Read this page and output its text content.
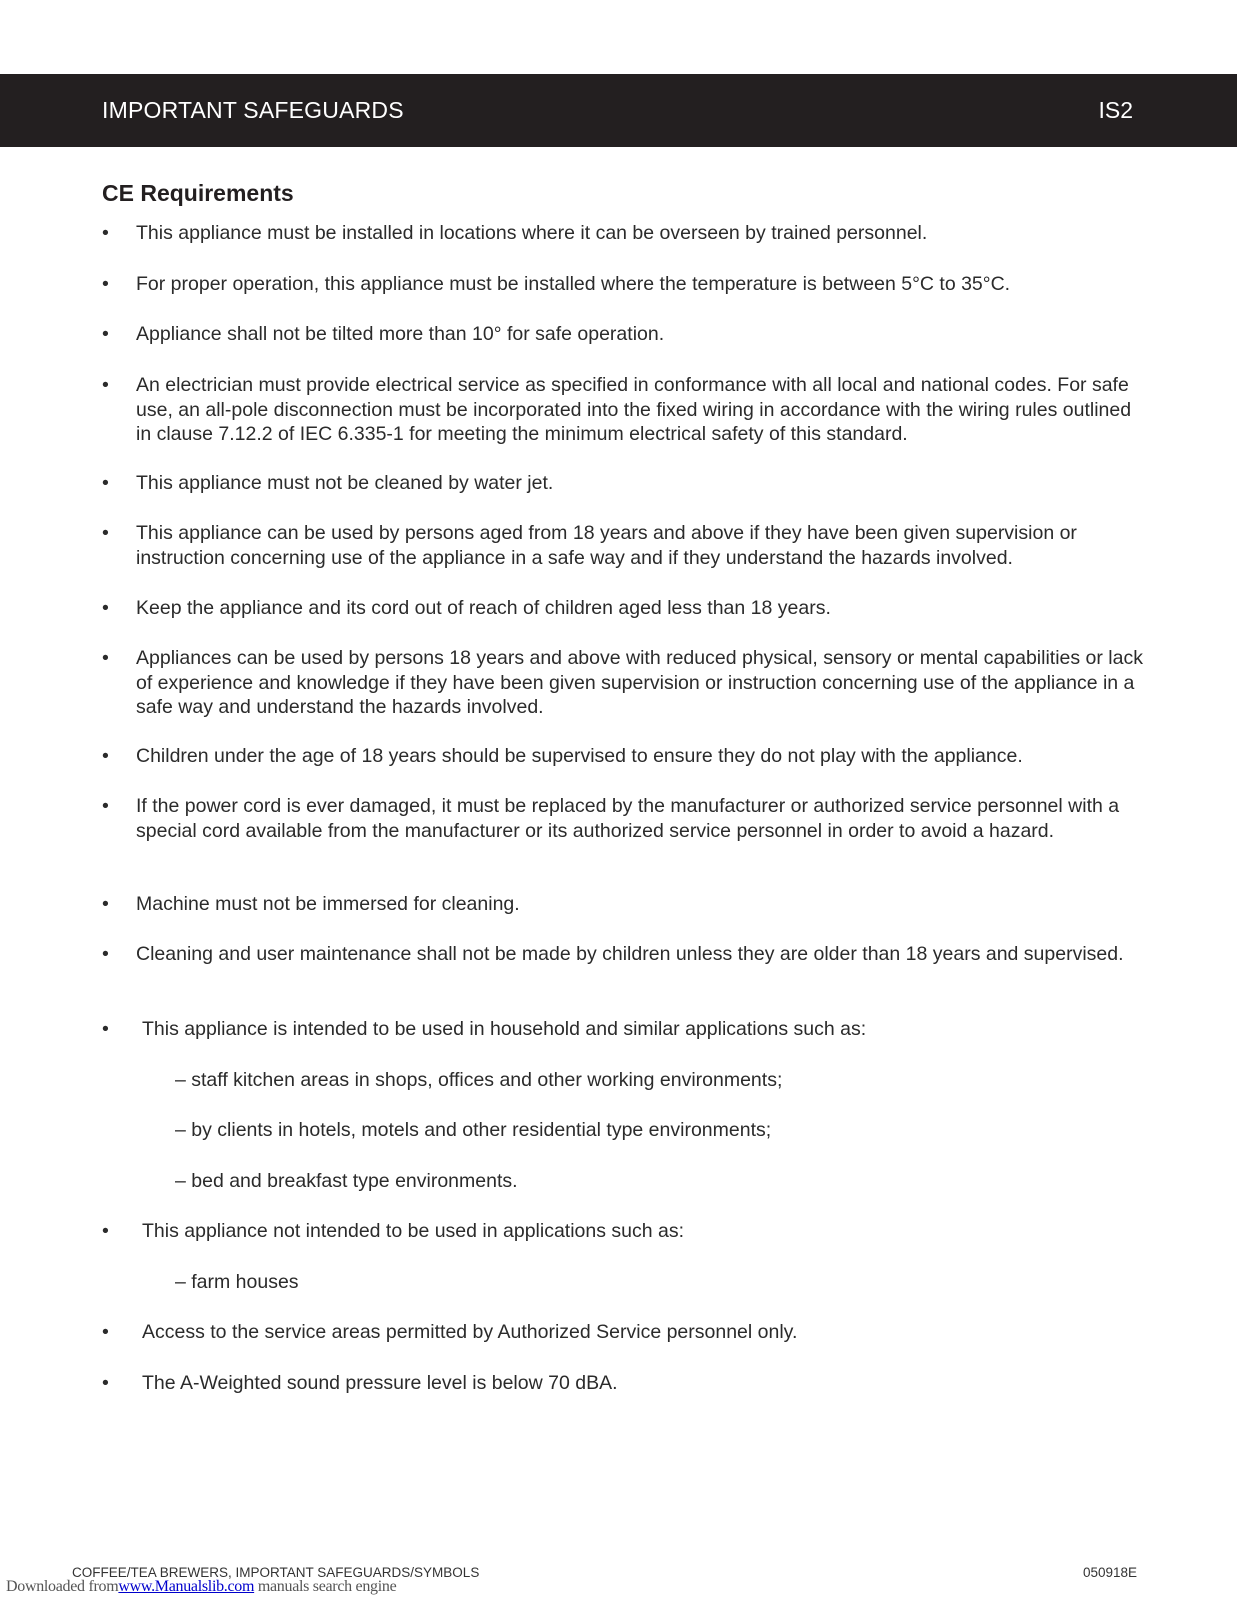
IMPORTANT SAFEGUARDS	IS2
CE Requirements
•	This appliance must be installed in locations where it can be overseen by trained personnel.
•	For proper operation, this appliance must be installed where the temperature is between 5°C to 35°C.
•	Appliance shall not be tilted more than 10° for safe operation.
•	An electrician must provide electrical service as specified in conformance with all local and national codes. For safe use, an all-pole disconnection must be incorporated into the fixed wiring in accordance with the wiring rules outlined in clause 7.12.2 of IEC 6.335-1 for meeting the minimum electrical safety of this standard.
•	This appliance must not be cleaned by water jet.
•	This appliance can be used by persons aged from 18 years and above if they have been given supervision or instruction concerning use of the appliance in a safe way and if they understand the hazards involved.
•	Keep the appliance and its cord out of reach of children aged less than 18 years.
•	Appliances can be used by persons 18 years and above with reduced physical, sensory or mental capabilities or lack of experience and knowledge if they have been given supervision or instruction concerning use of the appliance in a safe way and understand the hazards involved.
•	Children under the age of 18 years should be supervised to ensure they do not play with the appliance.
•	If the power cord is ever damaged, it must be replaced by the manufacturer or authorized service personnel with a special cord available from the manufacturer or its authorized service personnel in order to avoid a hazard.
•	Machine must not be immersed for cleaning.
•	Cleaning and user maintenance shall not be made by children unless they are older than 18 years and supervised.
•	This appliance is intended to be used in household and similar applications such as:
– staff kitchen areas in shops, offices and other working environments;
– by clients in hotels, motels and other residential type environments;
– bed and breakfast type environments.
•	This appliance not intended to be used in applications such as:
– farm houses
•	Access to the service areas permitted by Authorized Service personnel only.
•	The A-Weighted sound pressure level is below 70 dBA.
COFFEE/TEA BREWERS, IMPORTANT SAFEGUARDS/SYMBOLS	050918E
Downloaded fromwww.Manualslib.com manuals search engine
